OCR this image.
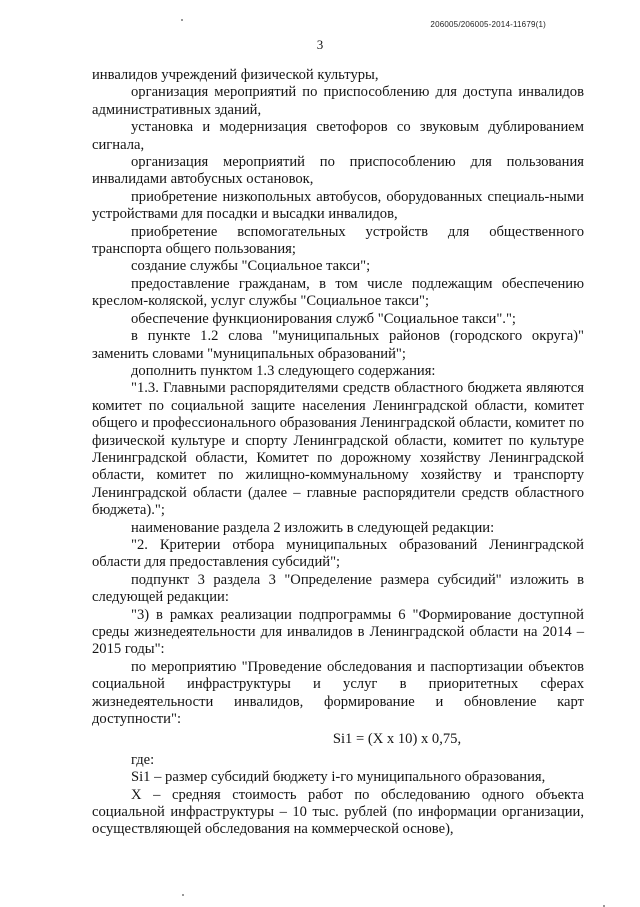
206005/206005-2014-11679(1)
3

инвалидов учреждений физической культуры,

организация мероприятий по приспособлению для доступа инвалидов административных зданий,

установка и модернизация светофоров со звуковым дублированием сигнала,

организация мероприятий по приспособлению для пользования инвалидами автобусных остановок,

приобретение низкопольных автобусов, оборудованных специаль-ными устройствами для посадки и высадки инвалидов,

приобретение вспомогательных устройств для общественного транспорта общего пользования;

создание службы "Социальное такси";

предоставление гражданам, в том числе подлежащим обеспечению креслом-коляской, услуг службы "Социальное такси";

обеспечение функционирования служб "Социальное такси".";

в пункте 1.2 слова "муниципальных районов (городского округа)" заменить словами "муниципальных образований";

дополнить пунктом 1.3 следующего содержания:

"1.3. Главными распорядителями средств областного бюджета являются комитет по социальной защите населения Ленинградской области, комитет общего и профессионального образования Ленинградской области, комитет по физической культуре и спорту Ленинградской области, комитет по культуре Ленинградской области, Комитет по дорожному хозяйству Ленинградской области, комитет по жилищно-коммунальному хозяйству и транспорту Ленинградской области (далее – главные распорядители средств областного бюджета).";

наименование раздела 2 изложить в следующей редакции:

"2. Критерии отбора муниципальных образований Ленинградской области для предоставления субсидий";

подпункт 3 раздела 3 "Определение размера субсидий" изложить в следующей редакции:

"3) в рамках реализации подпрограммы 6 "Формирование доступной среды жизнедеятельности для инвалидов в Ленинградской области на 2014 – 2015 годы":

по мероприятию "Проведение обследования и паспортизации объектов социальной инфраструктуры и услуг в приоритетных сферах жизнедеятельности инвалидов, формирование и обновление карт доступности":

Si1 = (X x 10) x 0,75,

где:

Si1 – размер субсидий бюджету i-го муниципального образования,

X – средняя стоимость работ по обследованию одного объекта социальной инфраструктуры – 10 тыс. рублей (по информации организации, осуществляющей обследования на коммерческой основе),
